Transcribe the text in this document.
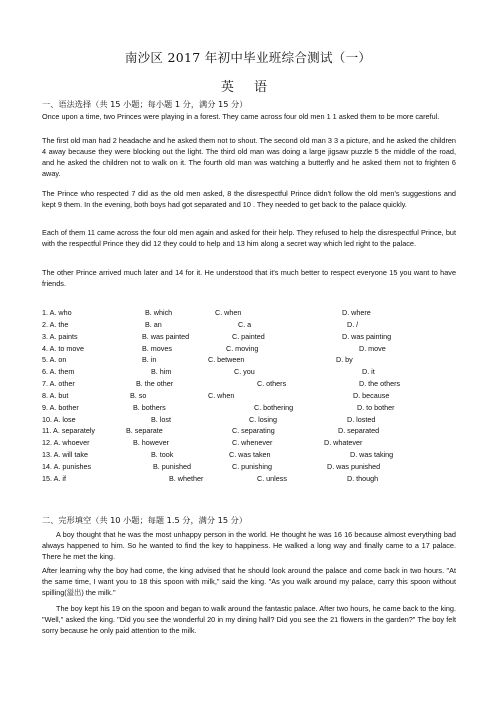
南沙区 2017 年初中毕业班综合测试（一）
英 语
一、语法选择（共 15 小题；每小题 1 分，满分 15 分）

Once upon a time, two Princes were playing in a forest. They came across four old men 1 1 asked them to be more careful.

The first old man had 2 headache and he asked them not to shout. The second old man 3 3 a picture, and he asked the children 4 away because they were blocking out the light. The third old man was doing a large jigsaw puzzle 5 the middle of the road, and he asked the children not to walk on it. The fourth old man was watching a butterfly and he asked them not to frighten 6 away.

The Prince who respected 7 did as the old men asked, 8 the disrespectful Prince didn't follow the old men's suggestions and kept 9 them. In the evening, both boys had got separated and 10 . They needed to get back to the palace quickly.

Each of them 11 came across the four old men again and asked for their help. They refused to help the disrespectful Prince, but with the respectful Prince they did 12 they could to help and 13 him along a secret way which led right to the palace.

The other Prince arrived much later and 14 for it. He understood that it's much better to respect everyone 15 you want to have friends.

1. A. who	B. which	C. when	D. where
2. A. the	B. an	C. a	D. /
3. A. paints	B. was painted	C. painted	D. was painting
4. A. to move	B. moves	C. moving	D. move
5. A. on	B. in	C. between	D. by
6. A. them	B. him	C. you	D. it
7. A. other	B. the other	C. others	D. the others
8. A. but	B. so	C. when	D. because
9. A. bother	B. bothers	C. bothering	D. to bother
10. A. lose	B. lost	C. losing	D. losted
11. A. separately	B. separate	C. separating	D. separated
12. A. whoever	B. however	C. whenever	D. whatever
13. A. will take	B. took	C. was taken	D. was taking
14. A. punishes	B. punished	C. punishing	D. was punished
15. A. if	B. whether	C. unless	D. though
二、完形填空（共 10 小题；每题 1.5 分，满分 15 分）

A boy thought that he was the most unhappy person in the world. He thought he was 16 16 because almost everything bad always happened to him. So he wanted to find the key to happiness. He walked a long way and finally came to a 17 palace. There he met the king.

After learning why the boy had come, the king advised that he should look around the palace and come back in two hours. "At the same time, I want you to 18 this spoon with milk," said the king. "As you walk around my palace, carry this spoon without spilling(溢出) the milk."

The boy kept his 19 on the spoon and began to walk around the fantastic palace. After two hours, he came back to the king. "Well," asked the king. "Did you see the wonderful 20 in my dining hall? Did you see the 21 flowers in the garden?" The boy felt sorry because he only paid attention to the milk.
